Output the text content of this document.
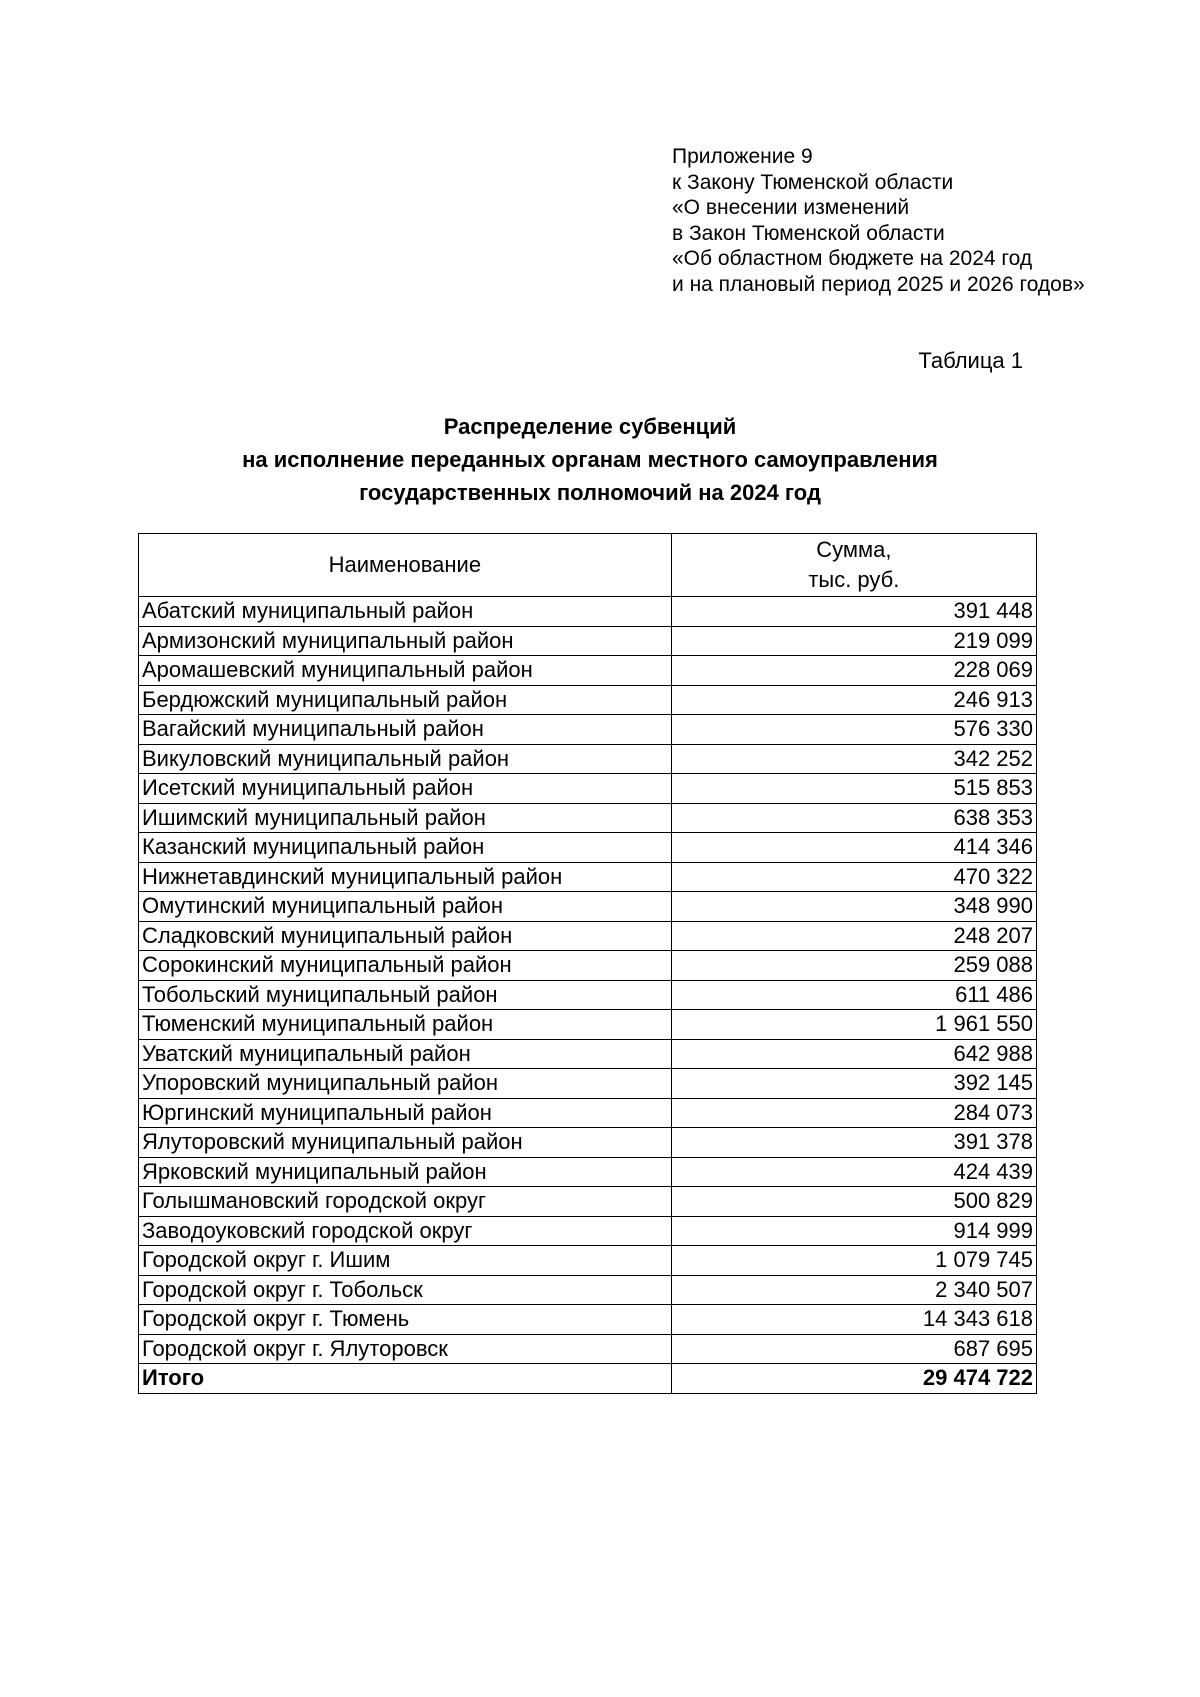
Приложение 9
к Закону Тюменской области
«О внесении изменений
в Закон Тюменской области
«Об областном бюджете на 2024 год
и на плановый период 2025 и 2026 годов»
Таблица 1
Распределение субвенций
на исполнение переданных органам местного самоуправления
государственных полномочий на 2024 год
Наименование	Сумма,
тыс. руб.
Абатский муниципальный район	391 448
Армизонский муниципальный район	219 099
Аромашевский муниципальный район	228 069
Бердюжский муниципальный район	246 913
Вагайский муниципальный район	576 330
Викуловский муниципальный район	342 252
Исетский муниципальный район	515 853
Ишимский муниципальный район	638 353
Казанский муниципальный район	414 346
Нижнетавдинский муниципальный район	470 322
Омутинский муниципальный район	348 990
Сладковский муниципальный район	248 207
Сорокинский муниципальный район	259 088
Тобольский муниципальный район	611 486
Тюменский муниципальный район	1 961 550
Уватский муниципальный район	642 988
Упоровский муниципальный район	392 145
Юргинский муниципальный район	284 073
Ялуторовский муниципальный район	391 378
Ярковский муниципальный район	424 439
Голышмановский городской округ	500 829
Заводоуковский городской округ	914 999
Городской округ г. Ишим	1 079 745
Городской округ г. Тобольск	2 340 507
Городской округ г. Тюмень	14 343 618
Городской округ г. Ялуторовск	687 695
Итого	29 474 722
